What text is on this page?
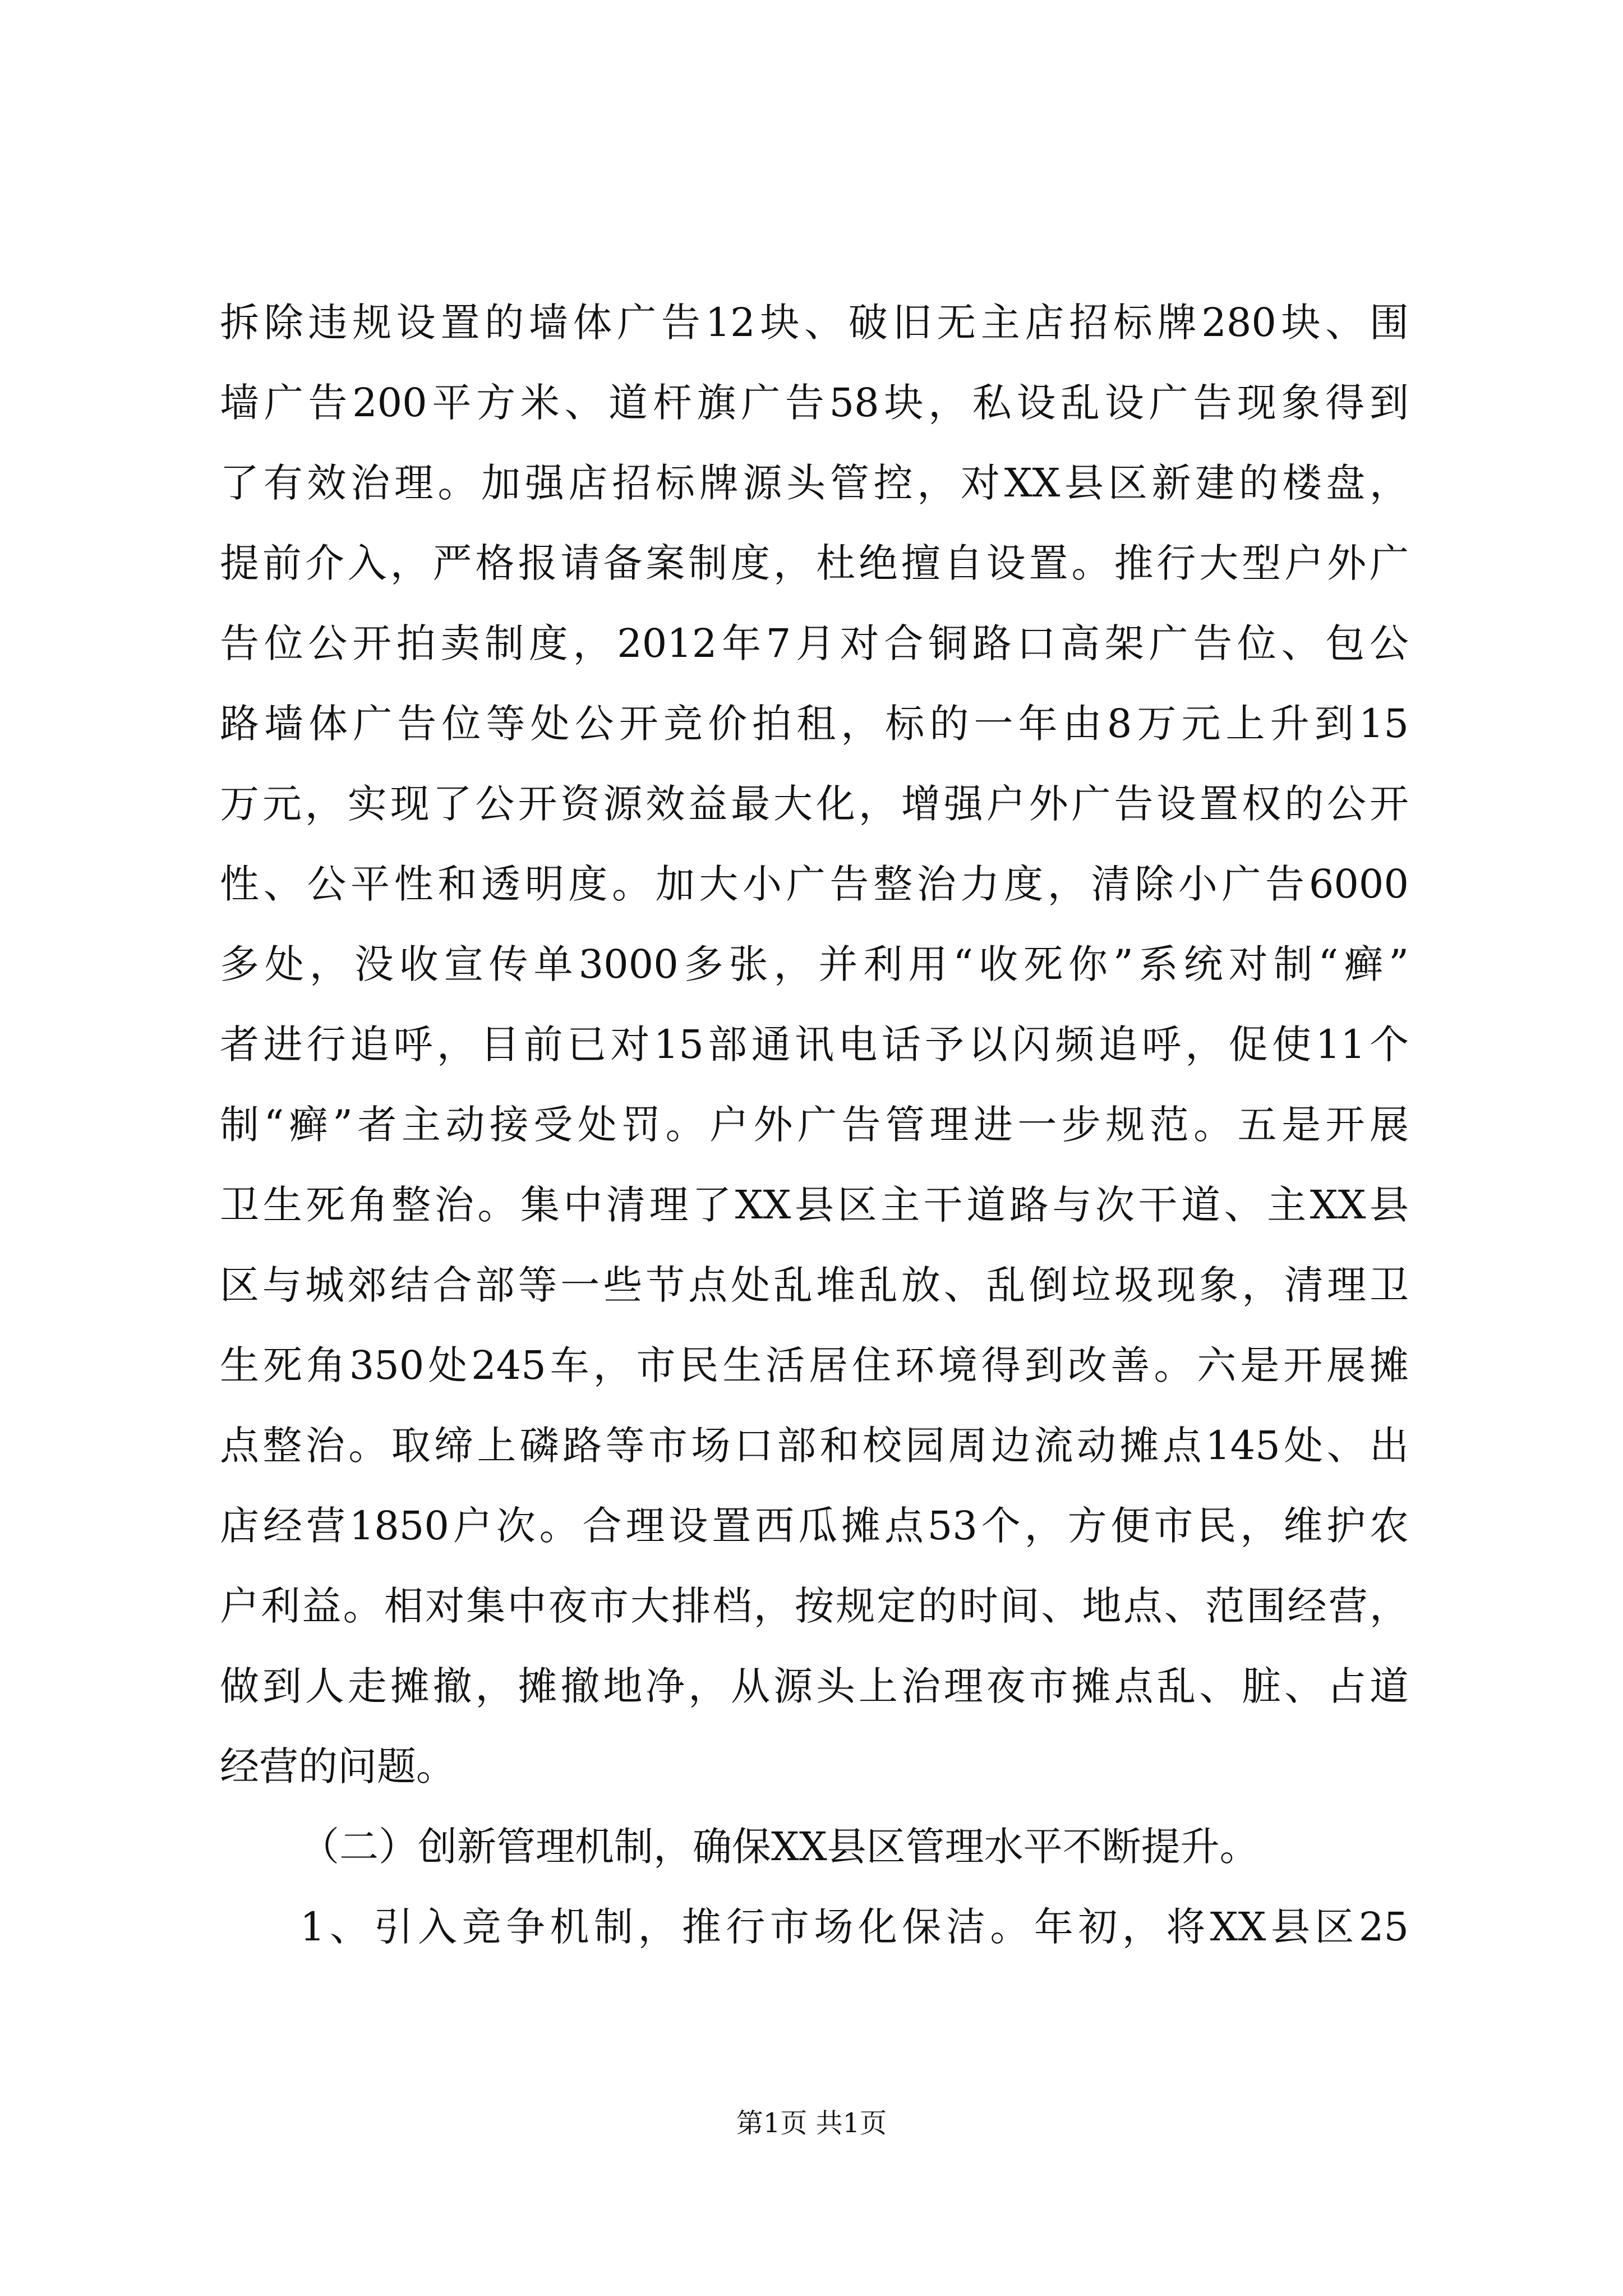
拆除违规设置的墙体广告12块、破旧无主店招标牌280块、围
墙广告200平方米、道杆旗广告58块，私设乱设广告现象得到
了有效治理。加强店招标牌源头管控，对XX县区新建的楼盘，
提前介入，严格报请备案制度，杜绝擅自设置。推行大型户外广
告位公开拍卖制度，2012年7月对合铜路口高架广告位、包公
路墙体广告位等处公开竞价拍租，标的一年由8万元上升到15
万元，实现了公开资源效益最大化，增强户外广告设置权的公开
性、公平性和透明度。加大小广告整治力度，清除小广告6000
多处，没收宣传单3000多张，并利用“收死你”系统对制“癣”
者进行追呼，目前已对15部通讯电话予以闪频追呼，促使11个
制“癣”者主动接受处罚。户外广告管理进一步规范。五是开展
卫生死角整治。集中清理了XX县区主干道路与次干道、主XX县
区与城郊结合部等一些节点处乱堆乱放、乱倒垃圾现象，清理卫
生死角350处245车，市民生活居住环境得到改善。六是开展摊
点整治。取缔上磷路等市场口部和校园周边流动摊点145处、出
店经营1850户次。合理设置西瓜摊点53个，方便市民，维护农
户利益。相对集中夜市大排档，按规定的时间、地点、范围经营，
做到人走摊撤，摊撤地净，从源头上治理夜市摊点乱、脏、占道
经营的问题。
（二）创新管理机制，确保XX县区管理水平不断提升。
1、引入竞争机制，推行市场化保洁。年初，将XX县区25
第1页 共1页
